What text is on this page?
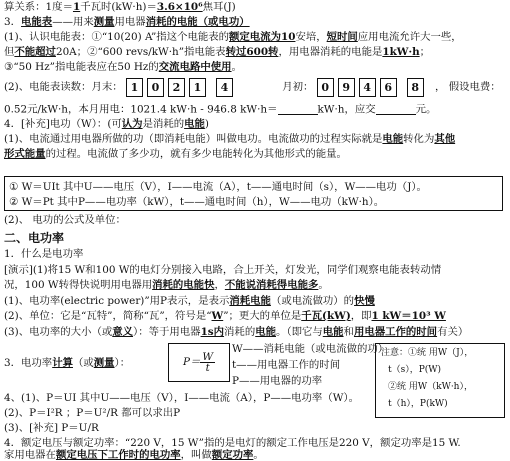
算关系：1度＝1千瓦时(kW·h)＝3.6×10⁶焦耳(J)
3．电能表——用来测量用电器消耗的电能（或电功）
(1)、认识电能表：①“10(20) A”指这个电能表的额定电流为10安培，短时间应用电流允许大一些，
但不能超过20A；②“600 revs/kW·h”指电能表转过600转，用电器消耗的电能是1kW·h；
③“50 Hz”指电能表应在50 Hz的交流电路中使用。
(2)、电能表读数：月末： 1 0 2 1 4	月初： 0 9 4 6 8 ， 假设电费：
0.52元/kW·h，本月用电：1021.4 kW·h - 946.8 kW·h＝	kW·h，应交	元。
4．[补充]电功（W）：(可认为是消耗的电能)
(1)、电流通过用电器所做的功（即消耗电能）叫做电功。电流做功的过程实际就是电能转化为其他
形式能量的过程。电流做了多少功，就有多少电能转化为其他形式的能量。
① W＝UIt 其中U——电压（V），I——电流（A），t——通电时间（s），W——电功（J）。
② W＝Pt 其中P——电功率（kW），t——通电时间（h），W——电功（kW·h）。
(2)、 电功的公式及单位：
二、电功率
1．什么是电功率
[演示](1)将15 W和100 W的电灯分别接入电路，合上开关，灯发光，同学们观察电能表转动情
况，100 W转得快说明用电器用消耗的电能快，不能说消耗得电能多。
(1)、电功率(electric power)”用P表示，是表示消耗电能（或电流做功）的快慢
(2)、单位：它是“瓦特”，简称“瓦”，符号是“W”；更大的单位是千瓦(kW)，即1 kW＝10³ W
(3)、电功率的大小（或意义）：等于用电器1s内消耗的电能。（即它与电能和用电器工作的时间有关）
3．电功率计算（或测量）：	$P= \frac{W}{t}$
W——消耗电能（或电流做的功）
t——用电器工作的时间
P——用电器的功率
注意：①统 用W（J），
t（s），P(W)
②统 用W（kW·h），
t（h），P(kW)
4、(1)、P＝UI 其中U——电压（V），I——电流（A），P——电功率（W）。
(2)、P＝I²R ；P＝U²/R 都可以求出P
(3)、[补充] P＝U/R
4．额定电压与额定功率：“220 V，15 W”指的是电灯的额定工作电压是220 V，额定功率是15 W.
家用电器在额定电压下工作时的电功率，叫做额定功率。
